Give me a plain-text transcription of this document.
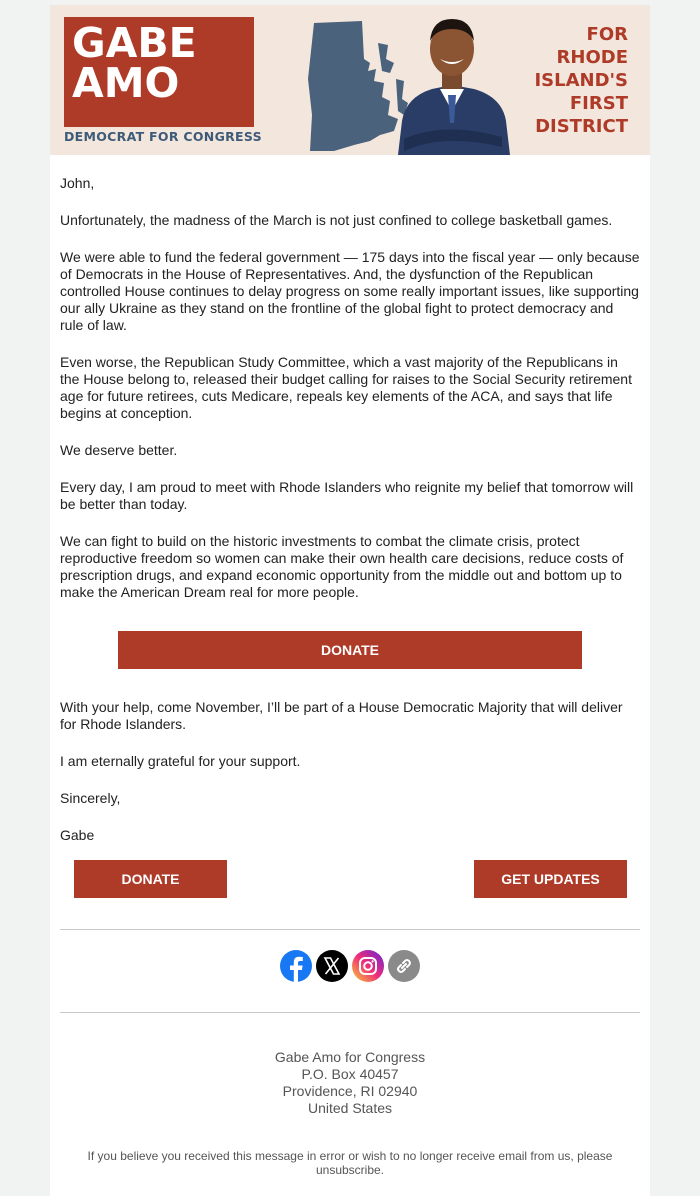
GABE
AMO
DEMOCRAT FOR CONGRESS
FOR
RHODE
ISLAND'S
FIRST
DISTRICT

John,

Unfortunately, the madness of the March is not just confined to college basketball games.

We were able to fund the federal government — 175 days into the fiscal year — only because of Democrats in the House of Representatives. And, the dysfunction of the Republican controlled House continues to delay progress on some really important issues, like supporting our ally Ukraine as they stand on the frontline of the global fight to protect democracy and rule of law.

Even worse, the Republican Study Committee, which a vast majority of the Republicans in the House belong to, released their budget calling for raises to the Social Security retirement age for future retirees, cuts Medicare, repeals key elements of the ACA, and says that life begins at conception.

We deserve better.

Every day, I am proud to meet with Rhode Islanders who reignite my belief that tomorrow will be better than today.

We can fight to build on the historic investments to combat the climate crisis, protect reproductive freedom so women can make their own health care decisions, reduce costs of prescription drugs, and expand economic opportunity from the middle out and bottom up to make the American Dream real for more people.

DONATE

With your help, come November, I’ll be part of a House Democratic Majority that will deliver for Rhode Islanders.

I am eternally grateful for your support.

Sincerely,

Gabe

DONATE	GET UPDATES
Gabe Amo for Congress
P.O. Box 40457
Providence, RI 02940
United States
If you believe you received this message in error or wish to no longer receive email from us, please unsubscribe.
